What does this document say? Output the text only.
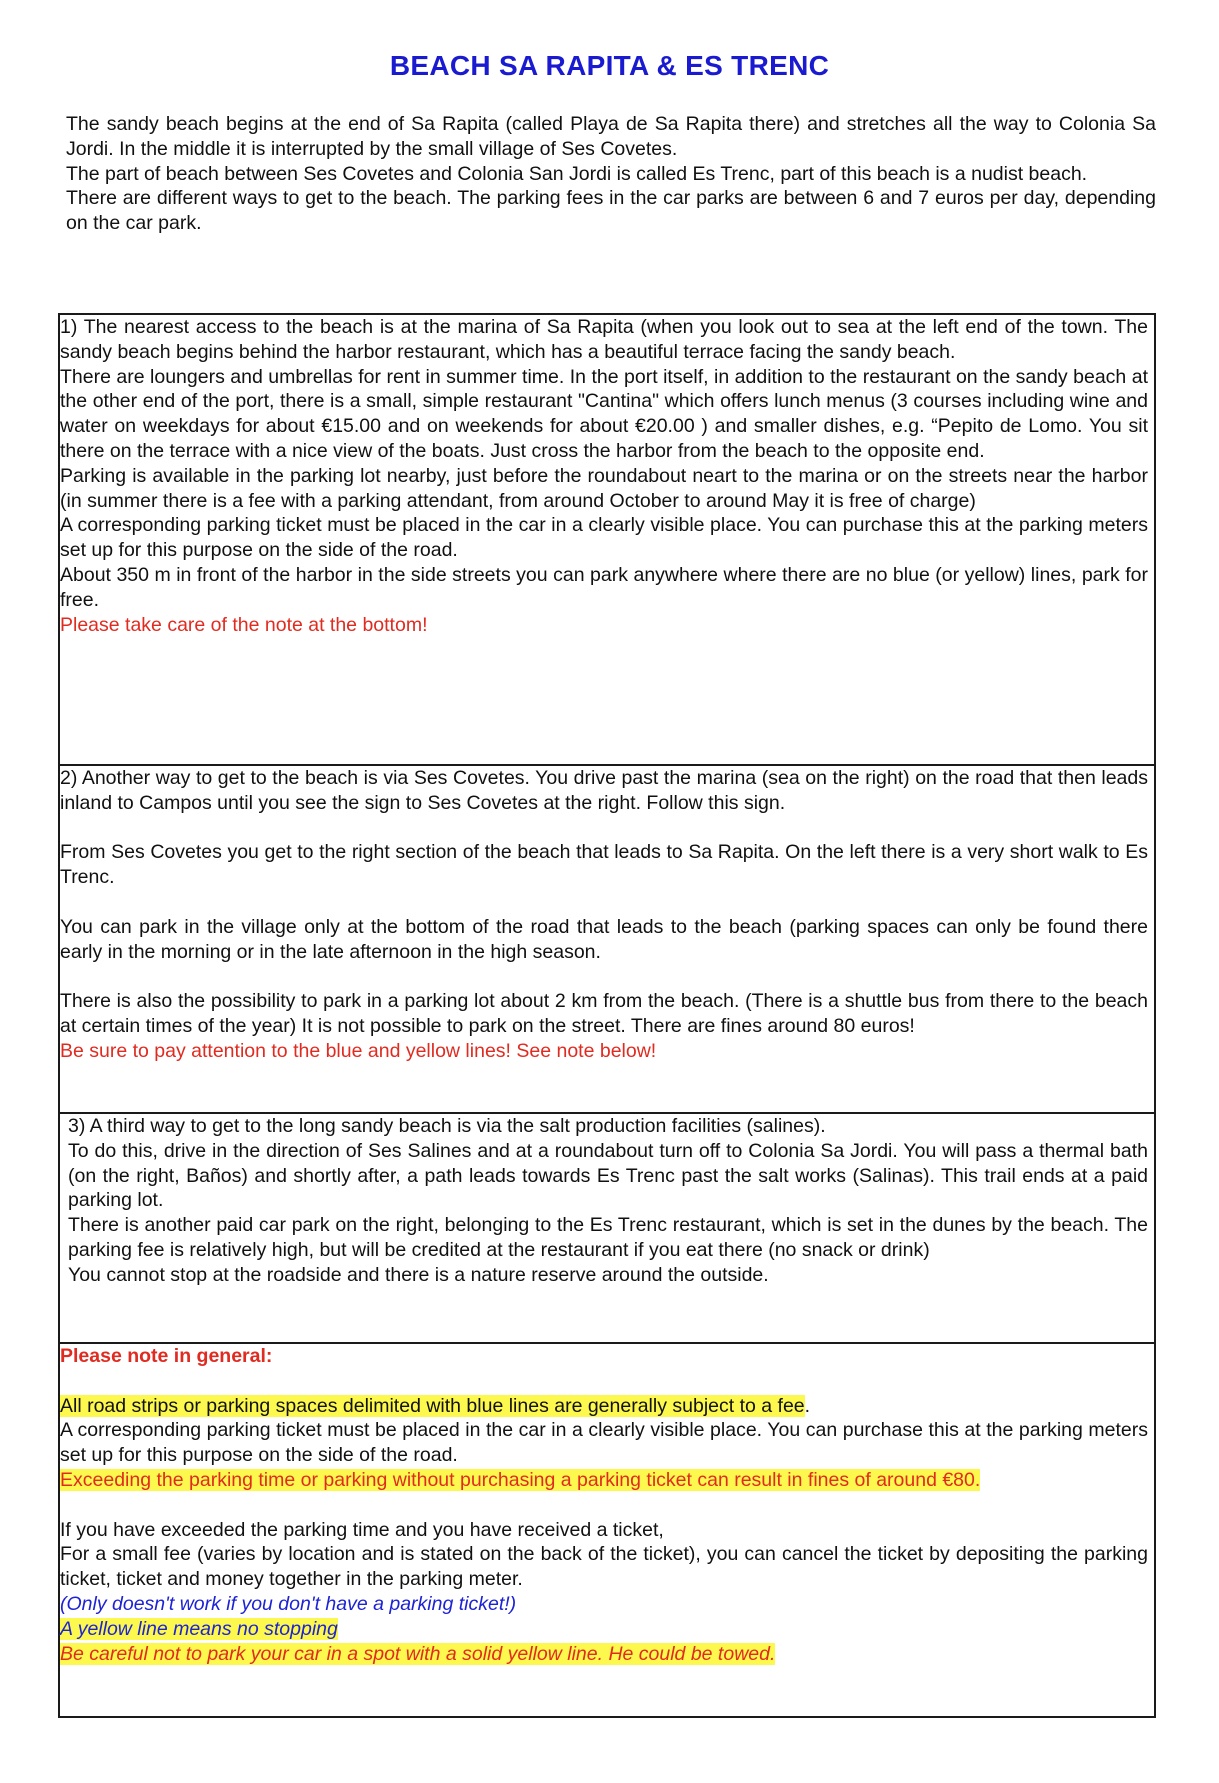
BEACH SA RAPITA & ES TRENC

The sandy beach begins at the end of Sa Rapita (called Playa de Sa Rapita there) and stretches all the way to Colonia Sa Jordi. In the middle it is interrupted by the small village of Ses Covetes.

The part of beach between Ses Covetes and Colonia San Jordi is called Es Trenc, part of this beach is a nudist beach.

There are different ways to get to the beach. The parking fees in the car parks are between 6 and 7 euros per day, depending on the car park.

1) The nearest access to the beach is at the marina of Sa Rapita (when you look out to sea at the left end of the town. The sandy beach begins behind the harbor restaurant, which has a beautiful terrace facing the sandy beach.

There are loungers and umbrellas for rent in summer time. In the port itself, in addition to the restaurant on the sandy beach at the other end of the port, there is a small, simple restaurant "Cantina" which offers lunch menus (3 courses including wine and water on weekdays for about €15.00 and on weekends for about €20.00 ) and smaller dishes, e.g. “Pepito de Lomo. You sit there on the terrace with a nice view of the boats. Just cross the harbor from the beach to the opposite end.

Parking is available in the parking lot nearby, just before the roundabout neart to the marina or on the streets near the harbor (in summer there is a fee with a parking attendant, from around October to around May it is free of charge)

A corresponding parking ticket must be placed in the car in a clearly visible place. You can purchase this at the parking meters set up for this purpose on the side of the road.

About 350 m in front of the harbor in the side streets you can park anywhere where there are no blue (or yellow) lines, park for free.

Please take care of the note at the bottom!

2) Another way to get to the beach is via Ses Covetes. You drive past the marina (sea on the right) on the road that then leads inland to Campos until you see the sign to Ses Covetes at the right. Follow this sign.

From Ses Covetes you get to the right section of the beach that leads to Sa Rapita. On the left there is a very short walk to Es Trenc.

You can park in the village only at the bottom of the road that leads to the beach (parking spaces can only be found there early in the morning or in the late afternoon in the high season.

There is also the possibility to park in a parking lot about 2 km from the beach. (There is a shuttle bus from there to the beach at certain times of the year) It is not possible to park on the street. There are fines around 80 euros!

Be sure to pay attention to the blue and yellow lines! See note below!

3) A third way to get to the long sandy beach is via the salt production facilities (salines).

To do this, drive in the direction of Ses Salines and at a roundabout turn off to Colonia Sa Jordi. You will pass a thermal bath (on the right, Baños) and shortly after, a path leads towards Es Trenc past the salt works (Salinas). This trail ends at a paid parking lot.

There is another paid car park on the right, belonging to the Es Trenc restaurant, which is set in the dunes by the beach. The parking fee is relatively high, but will be credited at the restaurant if you eat there (no snack or drink)

You cannot stop at the roadside and there is a nature reserve around the outside.

Please note in general:

All road strips or parking spaces delimited with blue lines are generally subject to a fee.

A corresponding parking ticket must be placed in the car in a clearly visible place. You can purchase this at the parking meters set up for this purpose on the side of the road.

Exceeding the parking time or parking without purchasing a parking ticket can result in fines of around €80.

If you have exceeded the parking time and you have received a ticket,

For a small fee (varies by location and is stated on the back of the ticket), you can cancel the ticket by depositing the parking ticket, ticket and money together in the parking meter.

(Only doesn't work if you don't have a parking ticket!)

A yellow line means no stopping

Be careful not to park your car in a spot with a solid yellow line. He could be towed.
